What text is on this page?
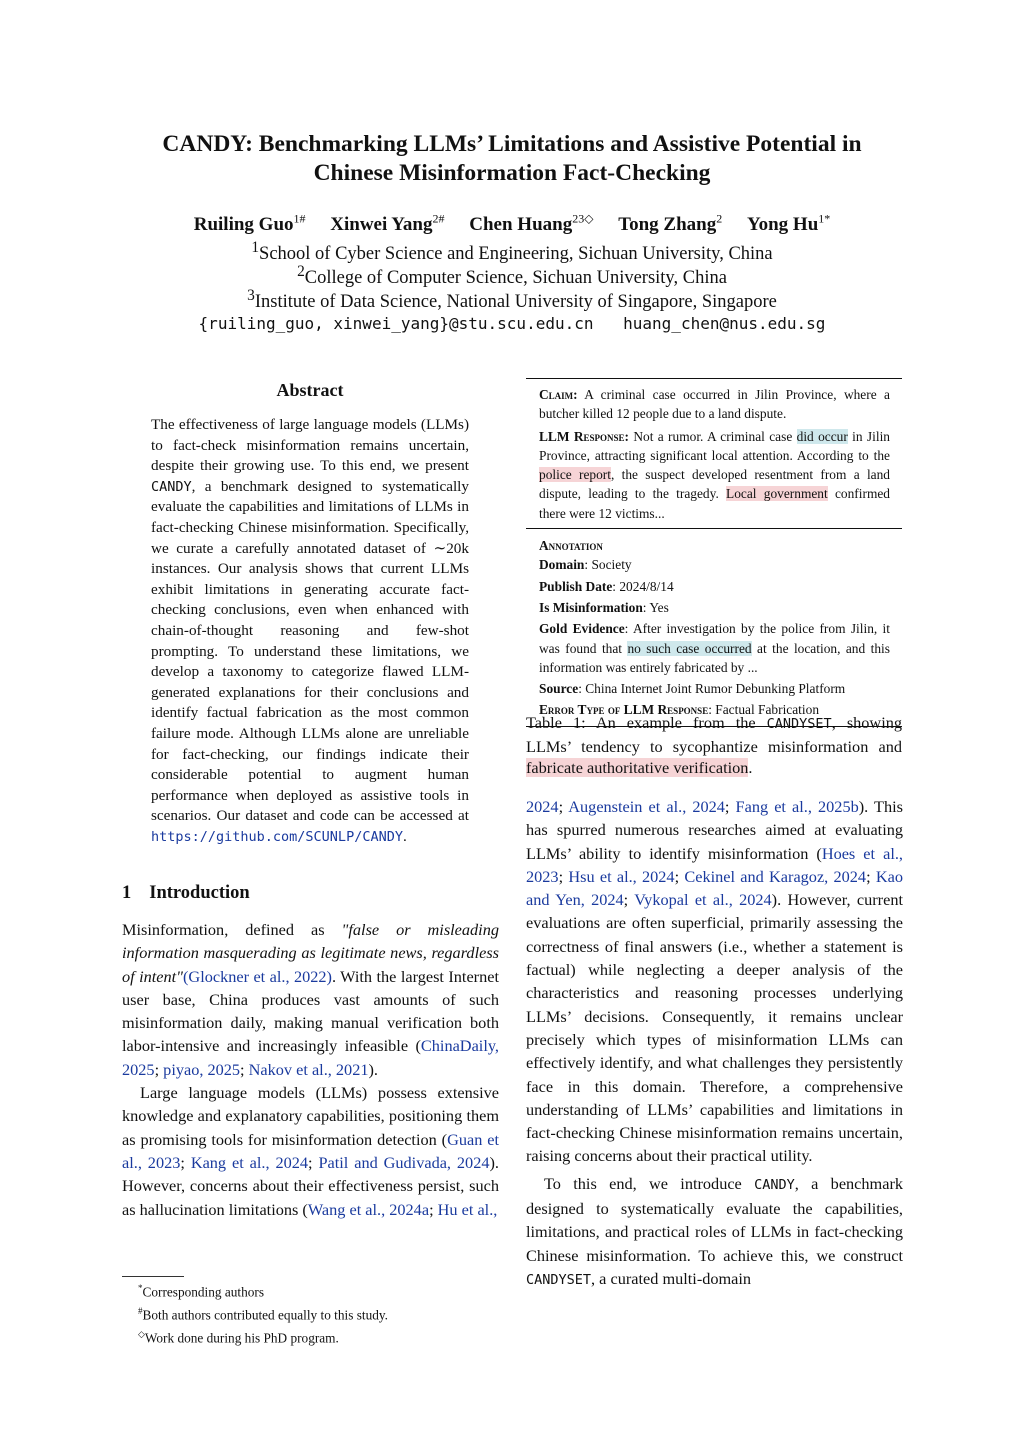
CANDY: Benchmarking LLMs’ Limitations and Assistive Potential in
Chinese Misinformation Fact-Checking
Ruiling Guo$^{1\#}$ Xinwei Yang$^{2\#}$ Chen Huang$^{23◇}$ Tong Zhang$^2$ Yong $Hu^{1*}$
$^1$School of Cyber Science and Engineering, Sichuan University, China
$^2$College of Computer Science, Sichuan University, China
$^3$Institute of Data Science, National University of Singapore, Singapore
{ruiling_guo, xinwei_yang}@stu.scu.edu.cn huang_chen@nus.edu.sg
Abstract
The effectiveness of large language models (LLMs) to fact-check misinformation remains uncertain, despite their growing use. To this end, we present CANDY, a benchmark designed to systematically evaluate the capabilities and limitations of LLMs in fact-checking Chinese misinformation. Specifically, we curate a carefully annotated dataset of ∼20k instances. Our analysis shows that current LLMs exhibit limitations in generating accurate fact-checking conclusions, even when enhanced with chain-of-thought reasoning and few-shot prompting. To understand these limitations, we develop a taxonomy to categorize flawed LLM-generated explanations for their conclusions and identify factual fabrication as the most common failure mode. Although LLMs alone are unreliable for fact-checking, our findings indicate their considerable potential to augment human performance when deployed as assistive tools in scenarios. Our dataset and code can be accessed at https://github.com/SCUNLP/CANDY.
1 Introduction

Misinformation, defined as "false or misleading information masquerading as legitimate news, regardless of intent"(Glockner et al., 2022). With the largest Internet user base, China produces vast amounts of such misinformation daily, making manual verification both labor-intensive and increasingly infeasible (ChinaDaily, 2025; piyao, 2025; Nakov et al., 2021).

Large language models (LLMs) possess extensive knowledge and explanatory capabilities, positioning them as promising tools for misinformation detection (Guan et al., 2023; Kang et al., 2024; Patil and Gudivada, 2024). However, concerns about their effectiveness persist, such as hallucination limitations (Wang et al., 2024a; Hu et al.,

*Corresponding authors
#Both authors contributed equally to this study.
◇Work done during his PhD program.
Claim: A criminal case occurred in Jilin Province, where a butcher killed 12 people due to a land dispute.
LLM Response: Not a rumor. A criminal case did occur in Jilin Province, attracting significant local attention. According to the police report, the suspect developed resentment from a land dispute, leading to the tragedy. Local government confirmed there were 12 victims...
Annotation
Domain: Society
Publish Date: 2024/8/14
Is Misinformation: Yes
Gold Evidence: After investigation by the police from Jilin, it was found that no such case occurred at the location, and this information was entirely fabricated by ...
Source: China Internet Joint Rumor Debunking Platform
Error Type of LLM Response: Factual Fabrication
Table 1: An example from the CANDYSET, showing LLMs’ tendency to sycophantize misinformation and fabricate authoritative verification.

2024; Augenstein et al., 2024; Fang et al., 2025b). This has spurred numerous researches aimed at evaluating LLMs’ ability to identify misinformation (Hoes et al., 2023; Hsu et al., 2024; Cekinel and Karagoz, 2024; Kao and Yen, 2024; Vykopal et al., 2024). However, current evaluations are often superficial, primarily assessing the correctness of final answers (i.e., whether a statement is factual) while neglecting a deeper analysis of the characteristics and reasoning processes underlying LLMs’ decisions. Consequently, it remains unclear precisely which types of misinformation LLMs can effectively identify, and what challenges they persistently face in this domain. Therefore, a comprehensive understanding of LLMs’ capabilities and limitations in fact-checking Chinese misinformation remains uncertain, raising concerns about their practical utility.

To this end, we introduce CANDY, a benchmark designed to systematically evaluate the capabilities, limitations, and practical roles of LLMs in fact-checking Chinese misinformation. To achieve this, we construct CANDYSET, a curated multi-domain
